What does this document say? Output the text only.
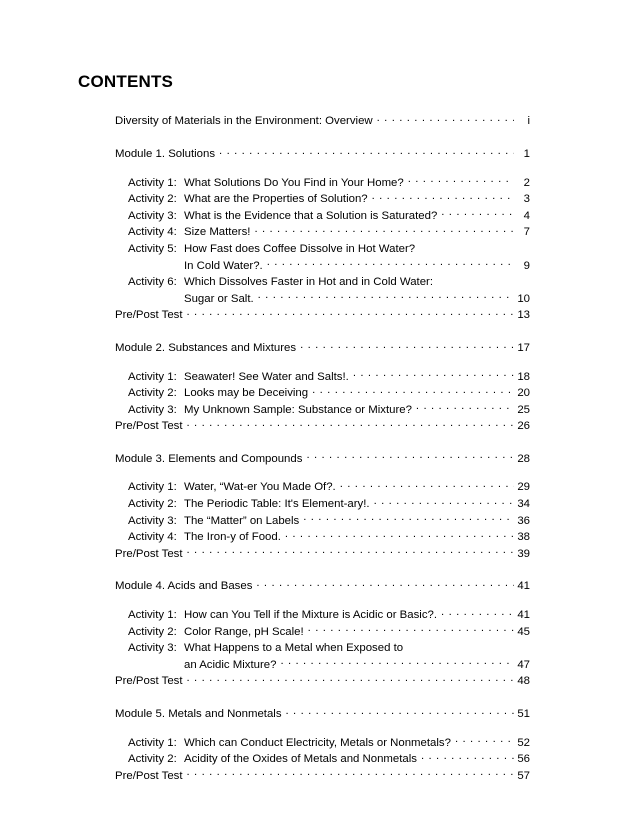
CONTENTS
Diversity of Materials in the Environment: Overview . . .	i
Module 1. Solutions . . .	1
Activity 1: What Solutions Do You Find in Your Home? . . .	2
Activity 2: What are the Properties of Solution? . . .	3
Activity 3: What is the Evidence that a Solution is Saturated? . . .	4
Activity 4: Size Matters! . . .	7
Activity 5: How Fast does Coffee Dissolve in Hot Water?
In Cold Water?. . . .	9
Activity 6: Which Dissolves Faster in Hot and in Cold Water:
Sugar or Salt. . . .	10
Pre/Post Test . . .	13
Module 2. Substances and Mixtures . . .	17
Activity 1: Seawater! See Water and Salts!. . . .	18
Activity 2: Looks may be Deceiving . . .	20
Activity 3: My Unknown Sample: Substance or Mixture? . . .	25
Pre/Post Test . . .	26
Module 3. Elements and Compounds . . .	28
Activity 1: Water, “Wat-er You Made Of?. . . .	29
Activity 2: The Periodic Table: It's Element-ary!. . . .	34
Activity 3: The “Matter” on Labels . . .	36
Activity 4: The Iron-y of Food. . . .	38
Pre/Post Test . . .	39
Module 4. Acids and Bases . . .	41
Activity 1: How can You Tell if the Mixture is Acidic or Basic?. . . .	41
Activity 2: Color Range, pH Scale! . . .	45
Activity 3: What Happens to a Metal when Exposed to
an Acidic Mixture? . . .	47
Pre/Post Test . . .	48
Module 5. Metals and Nonmetals . . .	51
Activity 1: Which can Conduct Electricity, Metals or Nonmetals? . . .	52
Activity 2: Acidity of the Oxides of Metals and Nonmetals . . .	56
Pre/Post Test . . .	57
